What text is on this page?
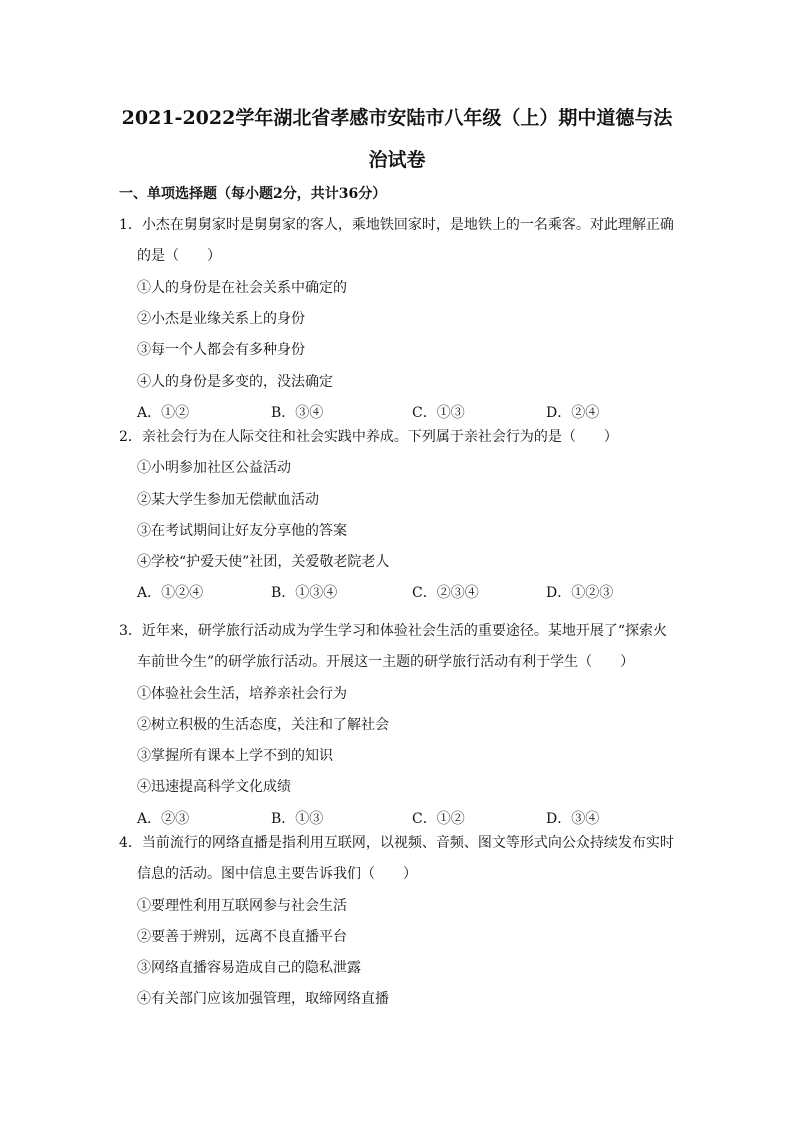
2021-2022学年湖北省孝感市安陆市八年级（上）期中道德与法
治试卷
一、单项选择题（每小题2分，共计36分）
1．小杰在舅舅家时是舅舅家的客人，乘地铁回家时，是地铁上的一名乘客。对此理解正确
的是（　　）
①人的身份是在社会关系中确定的
②小杰是业缘关系上的身份
③每一个人都会有多种身份
④人的身份是多变的，没法确定
A．①②	B．③④	C．①③	D．②④
2．亲社会行为在人际交往和社会实践中养成。下列属于亲社会行为的是（　　）
①小明参加社区公益活动
②某大学生参加无偿献血活动
③在考试期间让好友分享他的答案
④学校“护爱天使”社团，关爱敬老院老人
A．①②④	B．①③④	C．②③④	D．①②③
3．近年来，研学旅行活动成为学生学习和体验社会生活的重要途径。某地开展了“探索火
车前世今生”的研学旅行活动。开展这一主题的研学旅行活动有利于学生（　　）
①体验社会生活，培养亲社会行为
②树立积极的生活态度，关注和了解社会
③掌握所有课本上学不到的知识
④迅速提高科学文化成绩
A．②③	B．①③	C．①②	D．③④
4．当前流行的网络直播是指利用互联网，以视频、音频、图文等形式向公众持续发布实时
信息的活动。图中信息主要告诉我们（　　）
①要理性利用互联网参与社会生活
②要善于辨别，远离不良直播平台
③网络直播容易造成自己的隐私泄露
④有关部门应该加强管理，取缔网络直播
